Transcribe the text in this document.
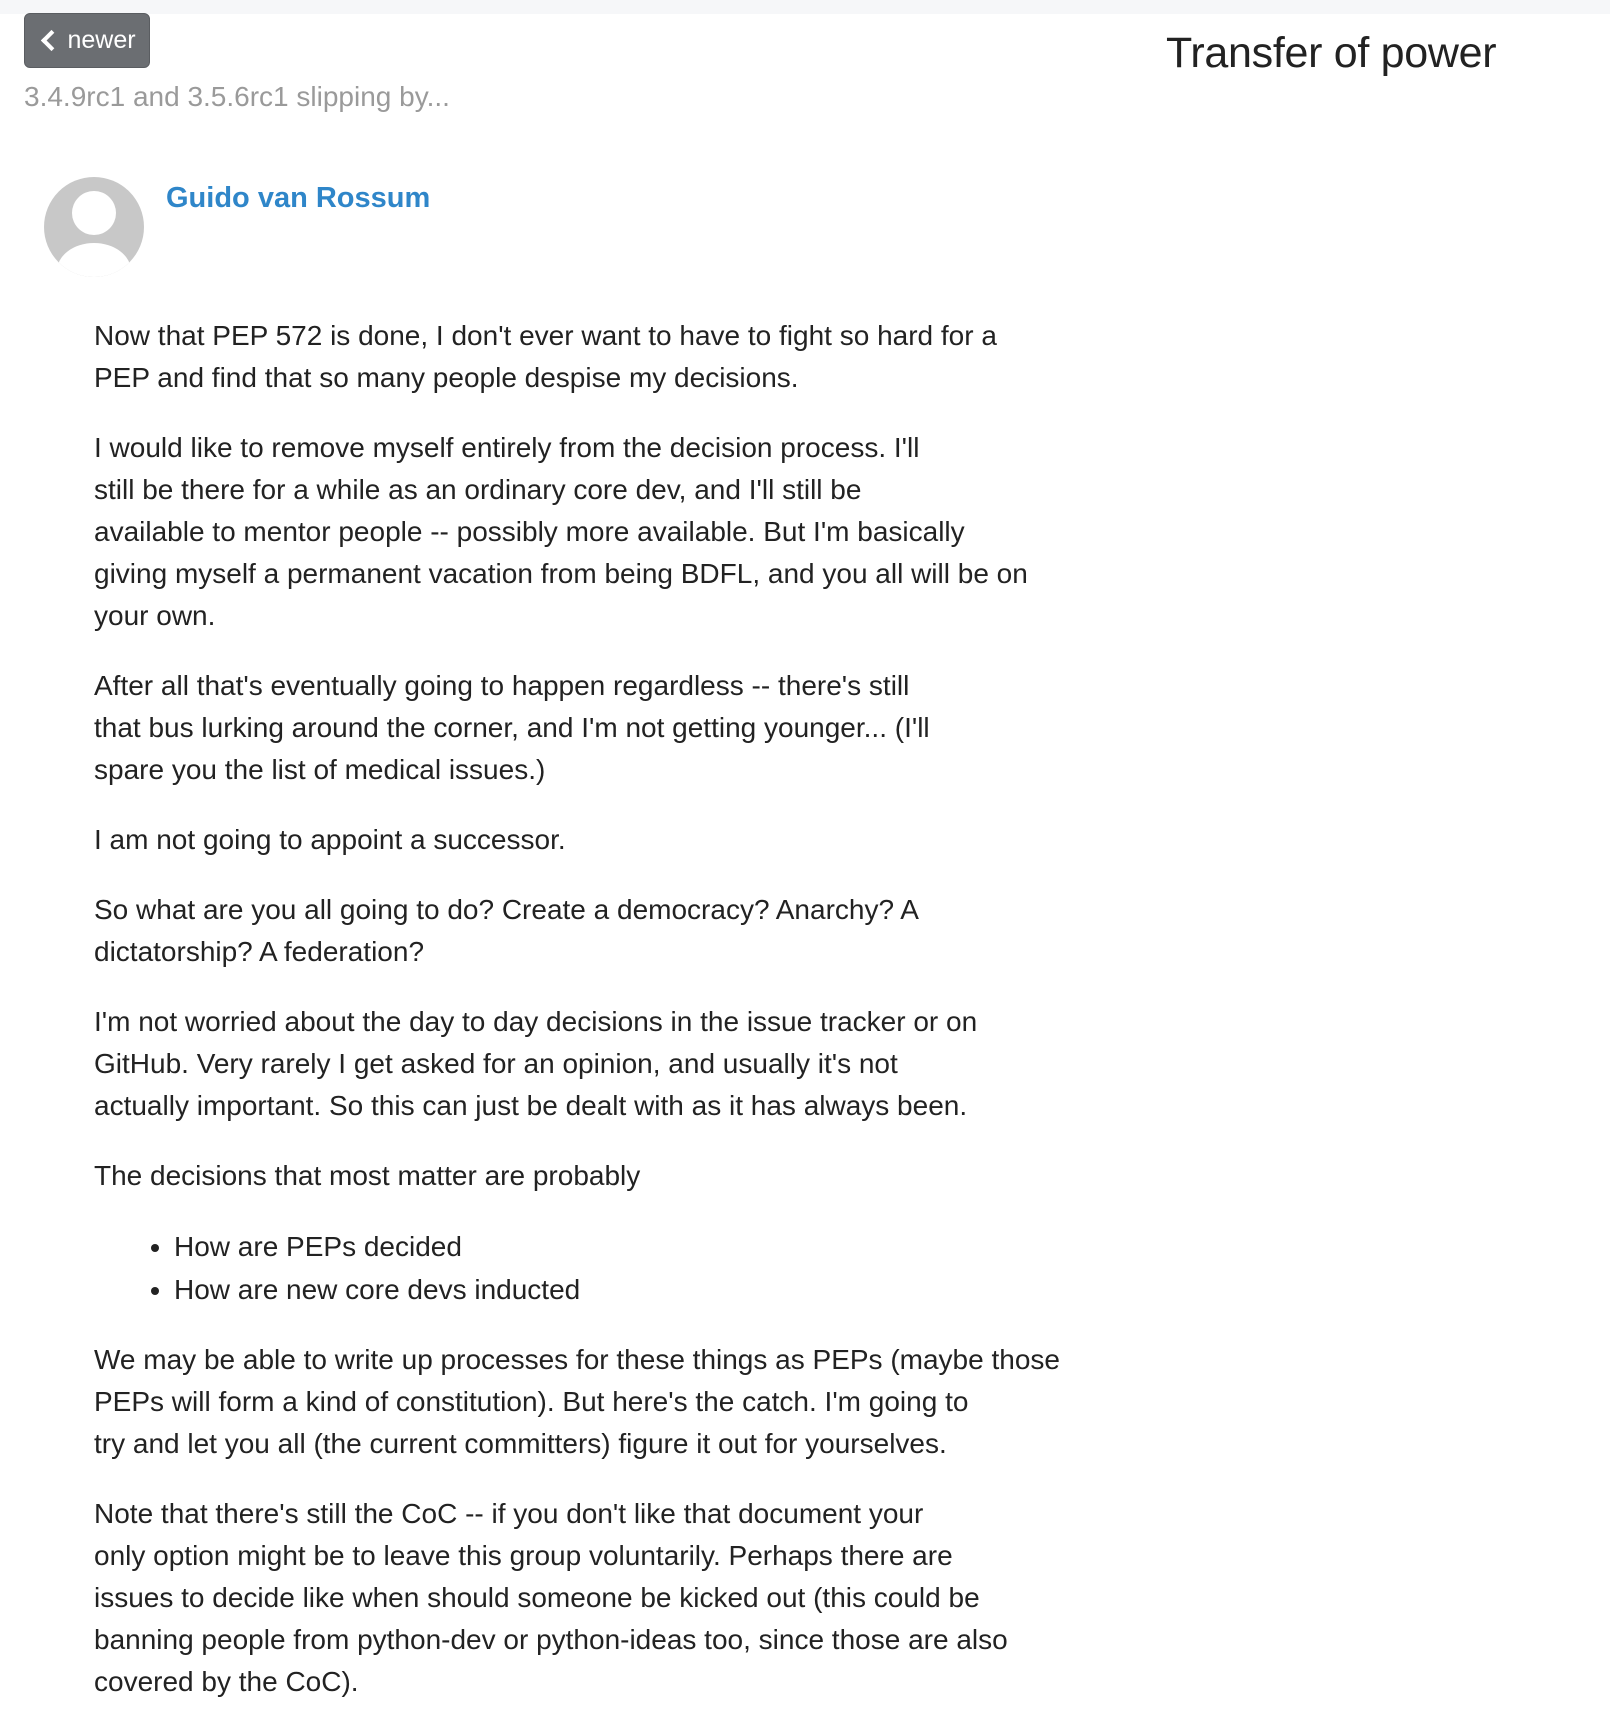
newer
3.4.9rc1 and 3.5.6rc1 slipping by...
Transfer of power
Guido van Rossum

Now that PEP 572 is done, I don't ever want to have to fight so hard for a
PEP and find that so many people despise my decisions.

I would like to remove myself entirely from the decision process. I'll
still be there for a while as an ordinary core dev, and I'll still be
available to mentor people -- possibly more available. But I'm basically
giving myself a permanent vacation from being BDFL, and you all will be on
your own.

After all that's eventually going to happen regardless -- there's still
that bus lurking around the corner, and I'm not getting younger... (I'll
spare you the list of medical issues.)

I am not going to appoint a successor.

So what are you all going to do? Create a democracy? Anarchy? A
dictatorship? A federation?

I'm not worried about the day to day decisions in the issue tracker or on
GitHub. Very rarely I get asked for an opinion, and usually it's not
actually important. So this can just be dealt with as it has always been.

The decisions that most matter are probably

• How are PEPs decided
• How are new core devs inducted

We may be able to write up processes for these things as PEPs (maybe those
PEPs will form a kind of constitution). But here's the catch. I'm going to
try and let you all (the current committers) figure it out for yourselves.

Note that there's still the CoC -- if you don't like that document your
only option might be to leave this group voluntarily. Perhaps there are
issues to decide like when should someone be kicked out (this could be
banning people from python-dev or python-ideas too, since those are also
covered by the CoC).
